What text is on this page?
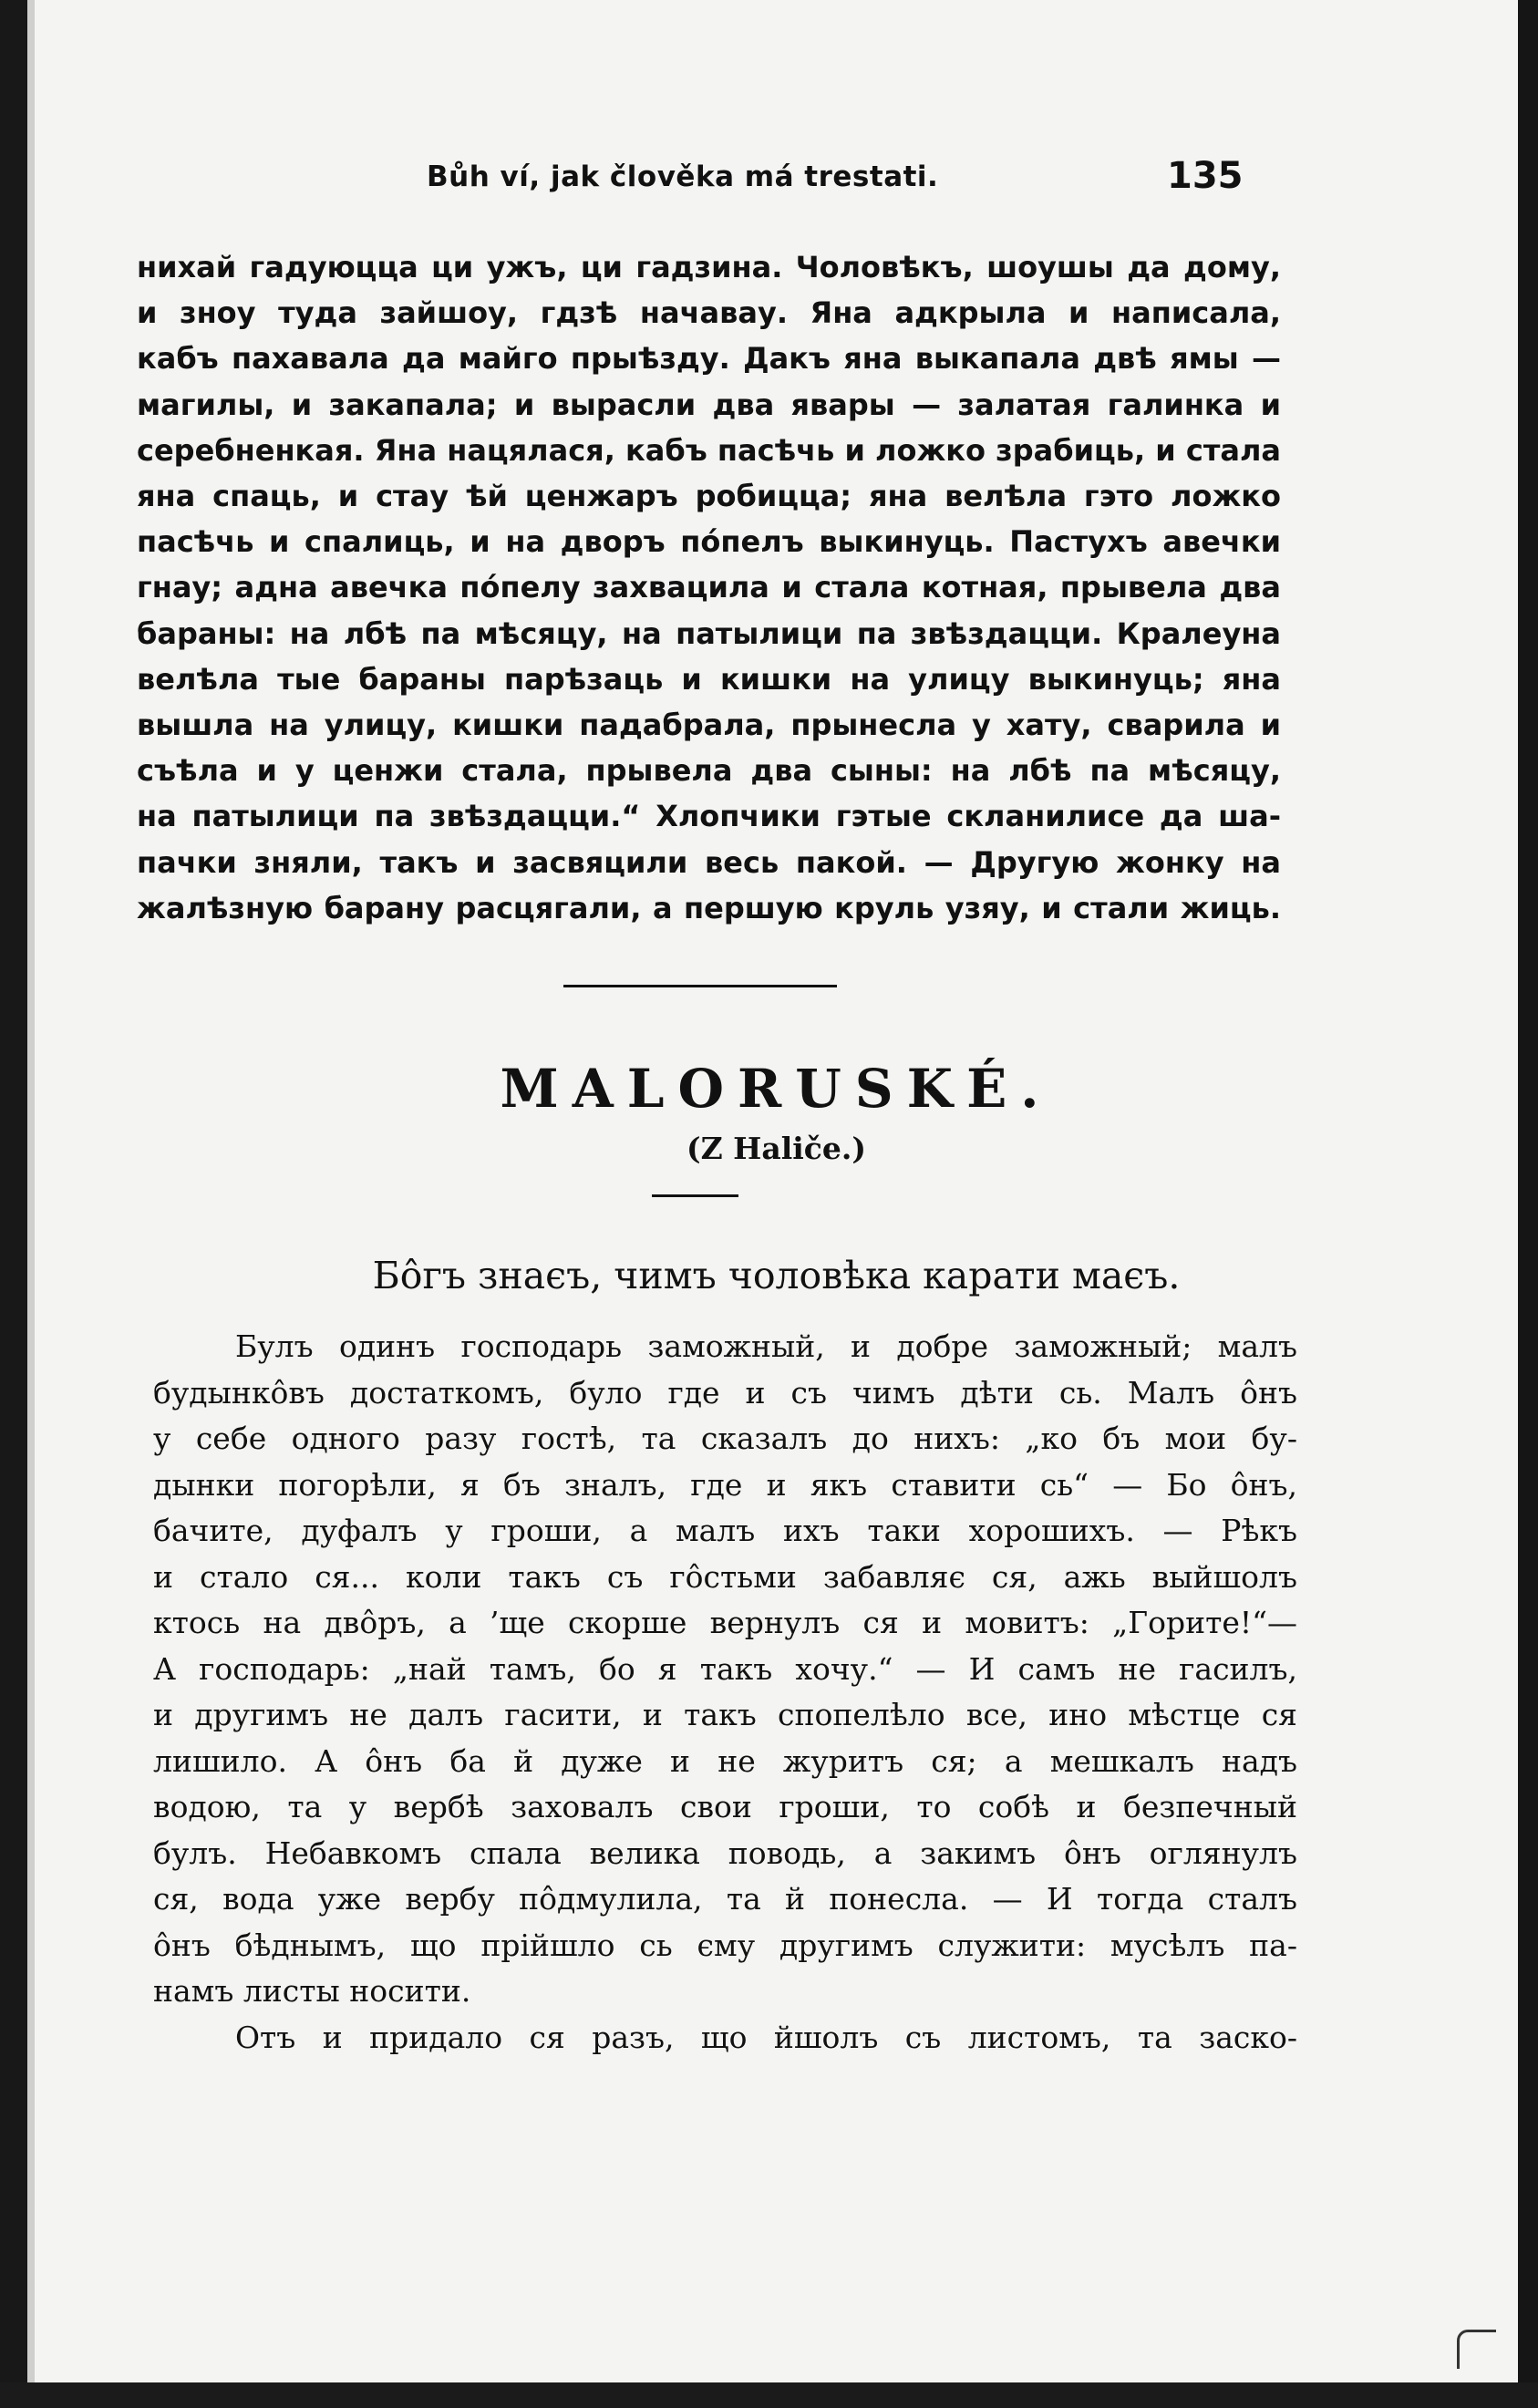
Bůh ví, jak člověka má trestati.	135

нихай гадуюцца ци ужъ, ци гадзина. Чоловѣкъ, шоушы да дому,

и зноу туда зайшоу, гдзѣ начавау. Яна адкрыла и написала,

кабъ пахавала да майго прыѣзду. Дакъ яна выкапала двѣ ямы —

магилы, и закапала; и вырасли два явары — залатая галинка и

серебненкая. Яна нацялася, кабъ пасѣчь и ложко зрабиць, и стала

яна спаць, и стау ѣй ценжаръ робицца; яна велѣла гэто ложко

пасѣчь и спалиць, и на дворъ пóпелъ выкинуць. Пастухъ авечки

гнау; адна авечка пóпелу захвацила и стала котная, прывела два

бараны: на лбѣ па мѣсяцу, на патылици па звѣздацци. Кралеуна

велѣла тые бараны парѣзаць и кишки на улицу выкинуць; яна

вышла на улицу, кишки падабрала, прынесла у хату, сварила и

съѣла и у ценжи стала, прывела два сыны: на лбѣ па мѣсяцу,

на патылици па звѣздацци.“ Хлопчики гэтые скланилисе да ша-

пачки зняли, такъ и засвяцили весь пакой. — Другую жонку на

жалѣзную барану расцягали, а першую круль узяу, и стали жиць.

MALORUSKÉ.
(Z Haliče.)
Бôгъ знаєъ, чимъ чоловѣка карати маєъ.

Булъ одинъ господарь заможный, и добре заможный; малъ

будынкôвъ достаткомъ, було где и съ чимъ дѣти сь. Малъ ôнъ

у себе одного разу гостѣ, та сказалъ до нихъ: „ко бъ мои бу-

дынки погорѣли, я бъ зналъ, где и якъ ставити сь“ — Бо ôнъ,

бачите, дуфалъ у гроши, а малъ ихъ таки хорошихъ. — Рѣкъ

и стало ся... коли такъ съ гôстьми забавляє ся, ажь выйшолъ

ктось на двôръ, а ’ще скорше вернулъ ся и мовитъ: „Горите!“—

А господарь: „най тамъ, бо я такъ хочу.“ — И самъ не гасилъ,

и другимъ не далъ гасити, и такъ спопелѣло все, ино мѣстце ся

лишило. А ôнъ ба й дуже и не журитъ ся; а мешкалъ надъ

водою, та у вербѣ заховалъ свои гроши, то собѣ и безпечный

булъ. Небавкомъ спала велика поводь, а закимъ ôнъ оглянулъ

ся, вода уже вербу пôдмулила, та й понесла. — И тогда сталъ

ôнъ бѣднымъ, що прійшло сь єму другимъ служити: мусѣлъ па-

намъ листы носити.

Отъ и придало ся разъ, що йшолъ съ листомъ, та заско-
